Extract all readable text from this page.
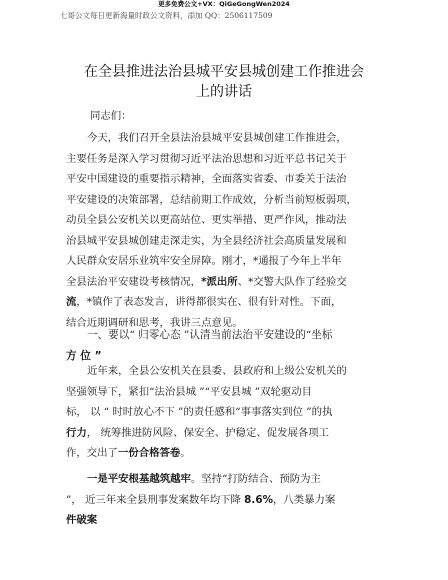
更多免费公文+VX：QiGeGongWen2024
七哥公文每日更新海量时政公文资料，添加 QQ：2506117509
在全县推进法治县城平安县城创建工作推进会
上的讲话
同志们：
今天，我们召开全县法治县城平安县城创建工作推进会，
主要任务是深入学习贯彻习近平法治思想和习近平总书记关于
平安中国建设的重要指示精神，全面落实省委、市委关于法治
平安建设的决策部署，总结前期工作成效，分析当前短板弱项，
动员全县公安机关以更高站位、更实举措、更严作风，推动法
治县城平安县城创建走深走实，为全县经济社会高质量发展和
人民群众安居乐业筑牢安全屏障。刚才，*通报了今年上半年
全县法治平安建设考核情况，*派出所、*交警大队作了经验交
流，*镇作了表态发言，讲得都很实在、很有针对性。下面，
结合近期调研和思考，我讲三点意见。
一、要以“ 归零心态 ”认清当前法治平安建设的“坐标
方 位 ”
近年来，全县公安机关在县委、县政府和上级公安机关的
坚强领导下，紧扣“法治县城 ”“平安县城 ”双轮驱动目
标， 以 “ 时时放心不下 ”的责任感和“事事落实到位 ”的执
行力， 统筹推进防风险、保安全、护稳定、促发展各项工
作，交出了一份合格答卷。
一是平安根基越筑越牢。坚持“打防结合、预防为主
”， 近三年来全县刑事发案数年均下降 8.6%，八类暴力案
件破案
